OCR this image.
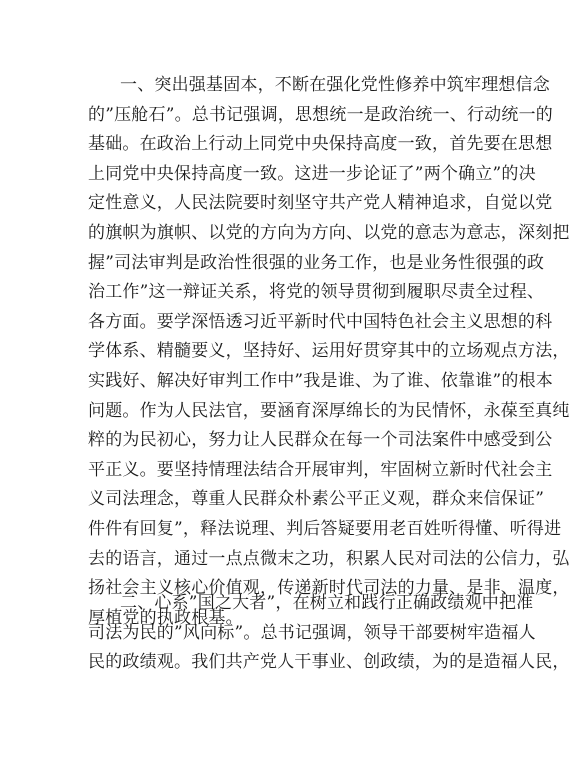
一、突出强基固本，不断在强化党性修养中筑牢理想信念
的”压舱石”。总书记强调，思想统一是政治统一、行动统一的
基础。在政治上行动上同党中央保持高度一致，首先要在思想
上同党中央保持高度一致。这进一步论证了”两个确立”的决
定性意义，人民法院要时刻坚守共产党人精神追求，自觉以党
的旗帜为旗帜、以党的方向为方向、以党的意志为意志，深刻把
握”司法审判是政治性很强的业务工作，也是业务性很强的政
治工作”这一辩证关系，将党的领导贯彻到履职尽责全过程、
各方面。要学深悟透习近平新时代中国特色社会主义思想的科
学体系、精髓要义，坚持好、运用好贯穿其中的立场观点方法，
实践好、解决好审判工作中”我是谁、为了谁、依靠谁”的根本
问题。作为人民法官，要涵育深厚绵长的为民情怀，永葆至真纯
粹的为民初心，努力让人民群众在每一个司法案件中感受到公
平正义。要坚持情理法结合开展审判，牢固树立新时代社会主
义司法理念，尊重人民群众朴素公平正义观，群众来信保证”
件件有回复”，释法说理、判后答疑要用老百姓听得懂、听得进
去的语言，通过一点点微末之功，积累人民对司法的公信力，弘
扬社会主义核心价值观，传递新时代司法的力量、是非、温度，
厚植党的执政根基。
二、心系”国之大者”，在树立和践行正确政绩观中把准
司法为民的”风向标”。总书记强调，领导干部要树牢造福人
民的政绩观。我们共产党人干事业、创政绩，为的是造福人民，
